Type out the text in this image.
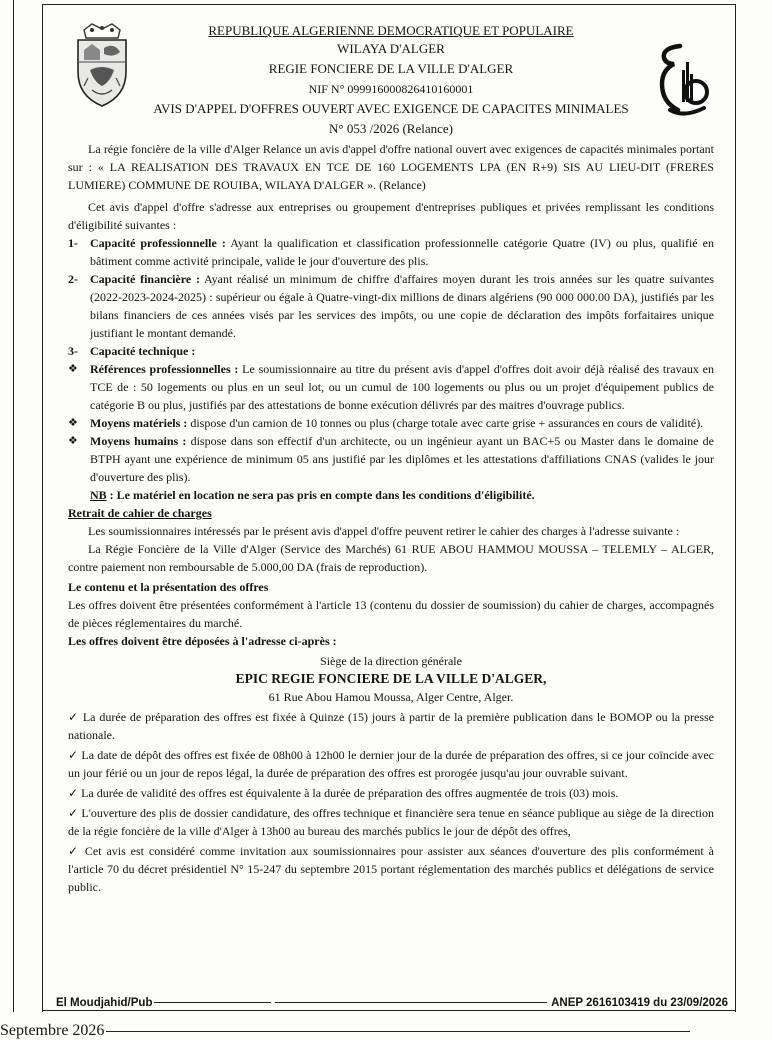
REPUBLIQUE ALGERIENNE DEMOCRATIQUE ET POPULAIRE
WILAYA D'ALGER
REGIE FONCIERE DE LA VILLE D'ALGER
NIF N° 099916000826410160001
AVIS D'APPEL D'OFFRES OUVERT AVEC EXIGENCE DE CAPACITES MINIMALES
N° 053 /2026 (Relance)
La régie foncière de la ville d'Alger Relance un avis d'appel d'offre national ouvert avec exigences de capacités minimales portant sur : « LA REALISATION DES TRAVAUX EN TCE DE 160 LOGEMENTS LPA (EN R+9) SIS AU LIEU-DIT (FRERES LUMIERE) COMMUNE DE ROUIBA, WILAYA D'ALGER ». (Relance)
Cet avis d'appel d'offre s'adresse aux entreprises ou groupement d'entreprises publiques et privées remplissant les conditions d'éligibilité suivantes :
1-	Capacité professionnelle : Ayant la qualification et classification professionnelle catégorie Quatre (IV) ou plus, qualifié en bâtiment comme activité principale, valide le jour d'ouverture des plis.
2-	Capacité financière : Ayant réalisé un minimum de chiffre d'affaires moyen durant les trois années sur les quatre suivantes (2022-2023-2024-2025) : supérieur ou égale à Quatre-vingt-dix millions de dinars algériens (90 000 000.00 DA), justifiés par les bilans financiers de ces années visés par les services des impôts, ou une copie de déclaration des impôts forfaitaires unique justifiant le montant demandé.
3-	Capacité technique :
❖	Références professionnelles : Le soumissionnaire au titre du présent avis d'appel d'offres doit avoir déjà réalisé des travaux en TCE de : 50 logements ou plus en un seul lot, ou un cumul de 100 logements ou plus ou un projet d'équipement publics de catégorie B ou plus, justifiés par des attestations de bonne exécution délivrés par des maitres d'ouvrage publics.
❖	Moyens matériels : dispose d'un camion de 10 tonnes ou plus (charge totale avec carte grise + assurances en cours de validité).
❖	Moyens humains : dispose dans son effectif d'un architecte, ou un ingénieur ayant un BAC+5 ou Master dans le domaine de BTPH ayant une expérience de minimum 05 ans justifié par les diplômes et les attestations d'affiliations CNAS (valides le jour d'ouverture des plis).
NB : Le matériel en location ne sera pas pris en compte dans les conditions d'éligibilité.
Retrait de cahier de charges
Les soumissionnaires intéressés par le présent avis d'appel d'offre peuvent retirer le cahier des charges à l'adresse suivante :
La Régie Foncière de la Ville d'Alger (Service des Marchés) 61 RUE ABOU HAMMOU MOUSSA – TELEMLY – ALGER, contre paiement non remboursable de 5.000,00 DA (frais de reproduction).
Le contenu et la présentation des offres
Les offres doivent être présentées conformément à l'article 13 (contenu du dossier de soumission) du cahier de charges, accompagnés de pièces réglementaires du marché.
Les offres doivent être déposées à l'adresse ci-après :
Siège de la direction générale
EPIC REGIE FONCIERE DE LA VILLE D'ALGER,
61 Rue Abou Hamou Moussa, Alger Centre, Alger.
✓ La durée de préparation des offres est fixée à Quinze (15) jours à partir de la première publication dans le BOMOP ou la presse nationale.
✓ La date de dépôt des offres est fixée de 08h00 à 12h00 le dernier jour de la durée de préparation des offres, si ce jour coïncide avec un jour férié ou un jour de repos légal, la durée de préparation des offres est prorogée jusqu'au jour ouvrable suivant.
✓ La durée de validité des offres est équivalente à la durée de préparation des offres augmentée de trois (03) mois.
✓ L'ouverture des plis de dossier candidature, des offres technique et financière sera tenue en séance publique au siège de la direction de la régie foncière de la ville d'Alger à 13h00 au bureau des marchés publics le jour de dépôt des offres,
✓ Cet avis est considéré comme invitation aux soumissionnaires pour assister aux séances d'ouverture des plis conformément à l'article 70 du décret présidentiel N° 15-247 du septembre 2015 portant réglementation des marchés publics et délégations de service public.
El Moudjahid/Pub	ANEP 2616103419 du 23/09/2026
Septembre 2026
